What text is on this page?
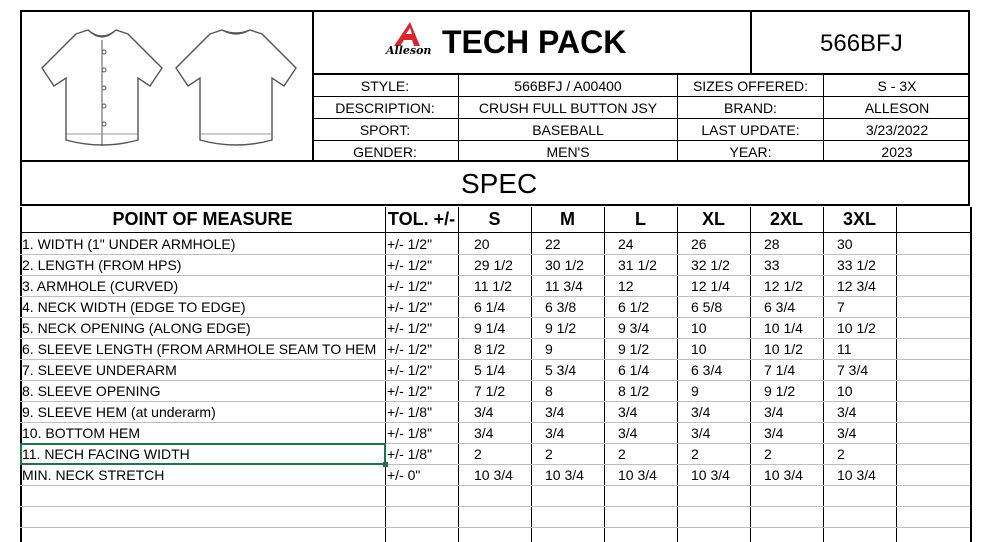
Alleson TECH PACK	566BFJ
STYLE:	566BFJ / A00400	SIZES OFFERED:	S - 3X
DESCRIPTION:	CRUSH FULL BUTTON JSY	BRAND:	ALLESON
SPORT:	BASEBALL	LAST UPDATE:	3/23/2022
GENDER:	MEN'S	YEAR:	2023
SPEC
POINT OF MEASURE	TOL. +/-	S	M	L	XL	2XL	3XL
1. WIDTH (1" UNDER ARMHOLE)	+/- 1/2"	20	22	24	26	28	30
2. LENGTH (FROM HPS)	+/- 1/2"	29 1/2	30 1/2	31 1/2	32 1/2	33	33 1/2
3. ARMHOLE (CURVED)	+/- 1/2"	11 1/2	11 3/4	12	12 1/4	12 1/2	12 3/4
4. NECK WIDTH (EDGE TO EDGE)	+/- 1/2"	6 1/4	6 3/8	6 1/2	6 5/8	6 3/4	7
5. NECK OPENING (ALONG EDGE)	+/- 1/2"	9 1/4	9 1/2	9 3/4	10	10 1/4	10 1/2
6. SLEEVE LENGTH (FROM ARMHOLE SEAM TO HEM +/- 1/2"	8 1/2	9	9 1/2	10	10 1/2	11
7. SLEEVE UNDERARM	+/- 1/2"	5 1/4	5 3/4	6 1/4	6 3/4	7 1/4	7 3/4
8. SLEEVE OPENING	+/- 1/2"	7 1/2	8	8 1/2	9	9 1/2	10
9. SLEEVE HEM (at underarm)	+/- 1/8"	3/4	3/4	3/4	3/4	3/4	3/4
10. BOTTOM HEM	+/- 1/8"	3/4	3/4	3/4	3/4	3/4	3/4
11. NECH FACING WIDTH	+/- 1/8"	2	2	2	2	2	2
MIN. NECK STRETCH	+/- 0"	10 3/4	10 3/4	10 3/4	10 3/4	10 3/4	10 3/4
